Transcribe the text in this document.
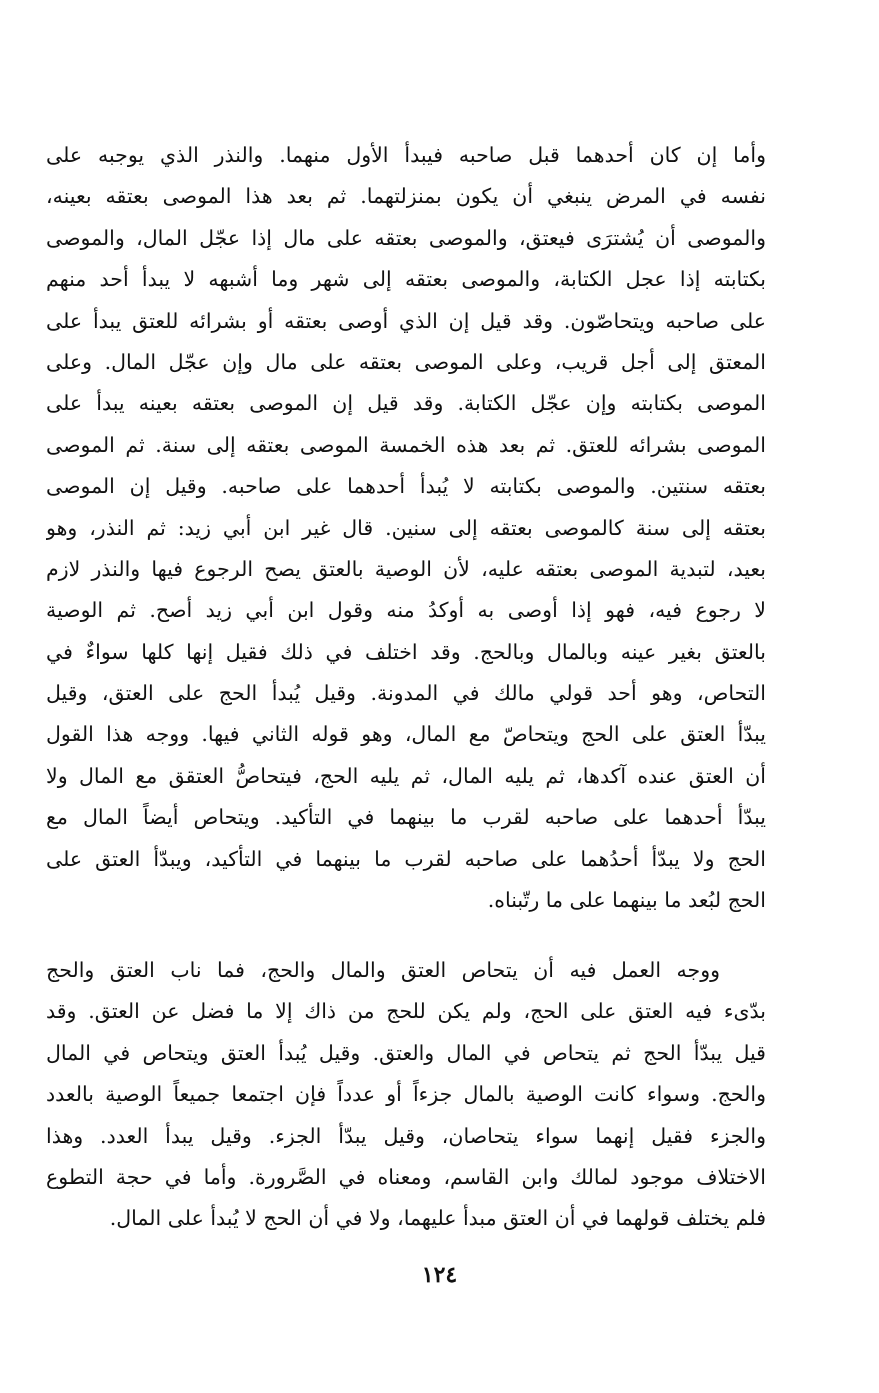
وأما إن كان أحدهما قبل صاحبه فيبدأ الأول منهما. والنذر الذي يوجبه على
نفسه في المرض ينبغي أن يكون بمنزلتهما. ثم بعد هذا الموصى بعتقه بعينه،
والموصى أن يُشترَى فيعتق، والموصى بعتقه على مال إذا عجّل المال، والموصى
بكتابته إذا عجل الكتابة، والموصى بعتقه إلى شهر وما أشبهه لا يبدأ أحد منهم
على صاحبه ويتحاصّون. وقد قيل إن الذي أوصى بعتقه أو بشرائه للعتق يبدأ على
المعتق إلى أجل قريب، وعلى الموصى بعتقه على مال وإن عجّل المال. وعلى
الموصى بكتابته وإن عجّل الكتابة. وقد قيل إن الموصى بعتقه بعينه يبدأ على
الموصى بشرائه للعتق. ثم بعد هذه الخمسة الموصى بعتقه إلى سنة. ثم الموصى
بعتقه سنتين. والموصى بكتابته لا يُبدأ أحدهما على صاحبه. وقيل إن الموصى
بعتقه إلى سنة كالموصى بعتقه إلى سنين. قال غير ابن أبي زيد: ثم النذر، وهو
بعيد، لتبدية الموصى بعتقه عليه، لأن الوصية بالعتق يصح الرجوع فيها والنذر لازم
لا رجوع فيه، فهو إذا أوصى به أوكدُ منه وقول ابن أبي زيد أصح. ثم الوصية
بالعتق بغير عينه وبالمال وبالحج. وقد اختلف في ذلك فقيل إنها كلها سواءٌ في
التحاص، وهو أحد قولي مالك في المدونة. وقيل يُبدأ الحج على العتق، وقيل
يبدّأ العتق على الحج ويتحاصّ مع المال، وهو قوله الثاني فيها. ووجه هذا القول
أن العتق عنده آكدها، ثم يليه المال، ثم يليه الحج، فيتحاصُّ العتقق مع المال ولا
يبدّأ أحدهما على صاحبه لقرب ما بينهما في التأكيد. ويتحاص أيضاً المال مع
الحج ولا يبدّأ أحدُهما على صاحبه لقرب ما بينهما في التأكيد، ويبدّأ العتق على
الحج لبُعد ما بينهما على ما رتّبناه.
ووجه العمل فيه أن يتحاص العتق والمال والحج، فما ناب العتق والحج
بدّىء فيه العتق على الحج، ولم يكن للحج من ذاك إلا ما فضل عن العتق. وقد
قيل يبدّأ الحج ثم يتحاص في المال والعتق. وقيل يُبدأ العتق ويتحاص في المال
والحج. وسواء كانت الوصية بالمال جزءاً أو عدداً فإن اجتمعا جميعاً الوصية بالعدد
والجزء فقيل إنهما سواء يتحاصان، وقيل يبدّأ الجزء. وقيل يبدأ العدد. وهذا
الاختلاف موجود لمالك وابن القاسم، ومعناه في الصَّرورة. وأما في حجة التطوع
فلم يختلف قولهما في أن العتق مبدأ عليهما، ولا في أن الحج لا يُبدأ على المال.
١٢٤
